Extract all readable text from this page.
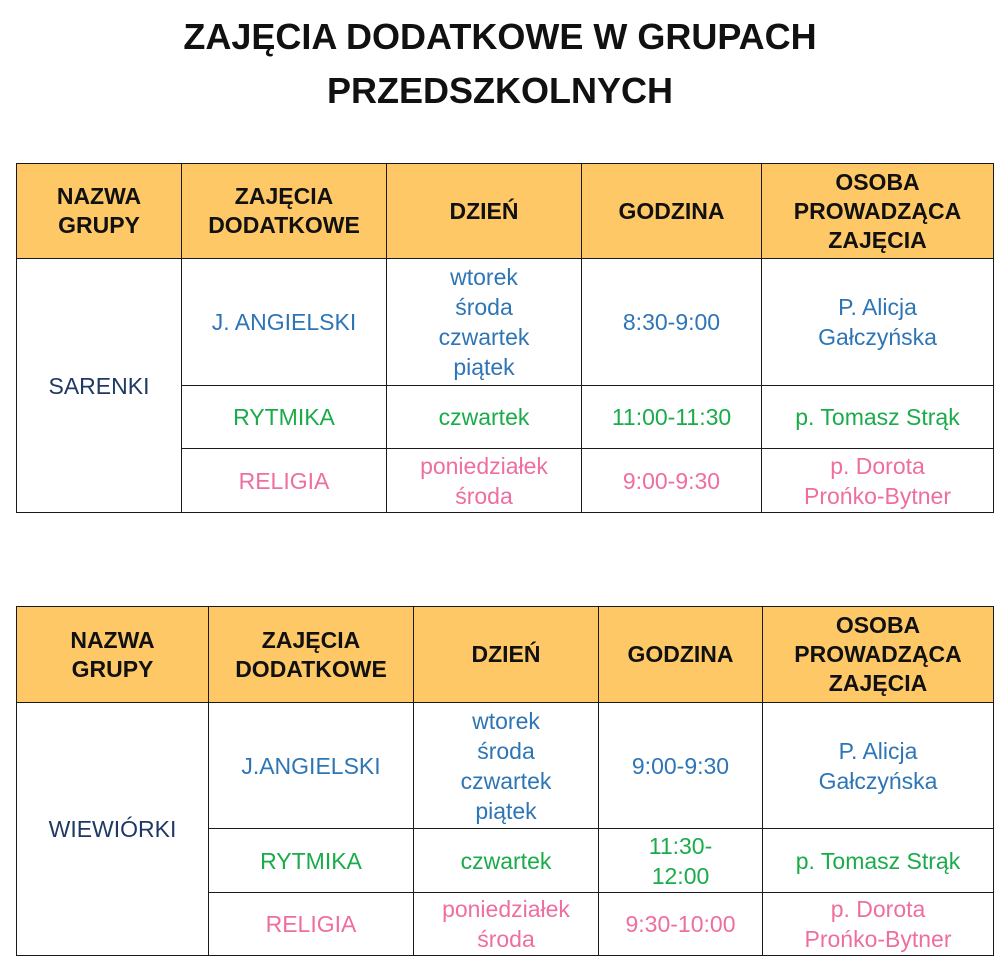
ZAJĘCIA DODATKOWE W GRUPACH
PRZEDSZKOLNYCH
NAZWA
GRUPY	ZAJĘCIA
DODATKOWE	DZIEŃ	GODZINA	OSOBA
PROWADZĄCA
ZAJĘCIA

SARENKI	J. ANGIELSKI	wtorek
środa
czwartek
piątek	8:30-9:00	P. Alicja
Gałczyńska

	RYTMIKA	czwartek	11:00-11:30	p. Tomasz Strąk

	RELIGIA	poniedziałek
środa	9:00-9:30	p. Dorota
Prońko-Bytner
NAZWA
GRUPY	ZAJĘCIA
DODATKOWE	DZIEŃ	GODZINA	OSOBA
PROWADZĄCA
ZAJĘCIA

WIEWIÓRKI	J.ANGIELSKI	wtorek
środa
czwartek
piątek	9:00-9:30	P. Alicja
Gałczyńska

	RYTMIKA	czwartek	11:30-
12:00	p. Tomasz Strąk

	RELIGIA	poniedziałek
środa	9:30-10:00	p. Dorota
Prońko-Bytner
